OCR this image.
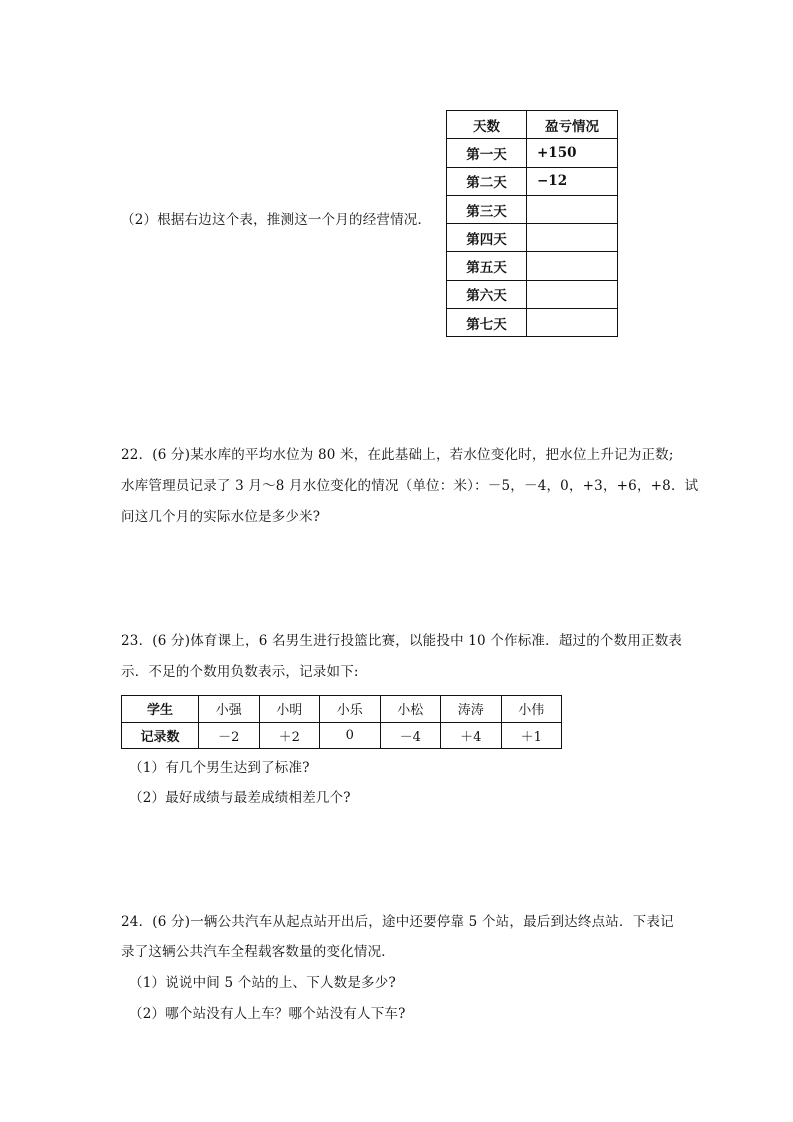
（2）根据右边这个表，推测这一个月的经营情况．
天数	盈亏情况
第一天	+150
第二天	−12
第三天	
第四天	
第五天	
第六天	
第七天	
22．(6 分)某水库的平均水位为 80 米，在此基础上，若水位变化时，把水位上升记为正数;
水库管理员记录了 3 月～8 月水位变化的情况（单位：米）：－5，－4，0，+3，+6，+8．试
问这几个月的实际水位是多少米?
23．(6 分)体育课上，6 名男生进行投篮比赛，以能投中 10 个作标准．超过的个数用正数表
示．不足的个数用负数表示，记录如下:
学生	小强	小明	小乐	小松	涛涛	小伟
记录数	－2	＋2	0	－4	＋4	＋1
（1）有几个男生达到了标准?
（2）最好成绩与最差成绩相差几个?
24．(6 分)一辆公共汽车从起点站开出后，途中还要停靠 5 个站，最后到达终点站．下表记
录了这辆公共汽车全程载客数量的变化情况．
（1）说说中间 5 个站的上、下人数是多少?
（2）哪个站没有人上车？哪个站没有人下车?
